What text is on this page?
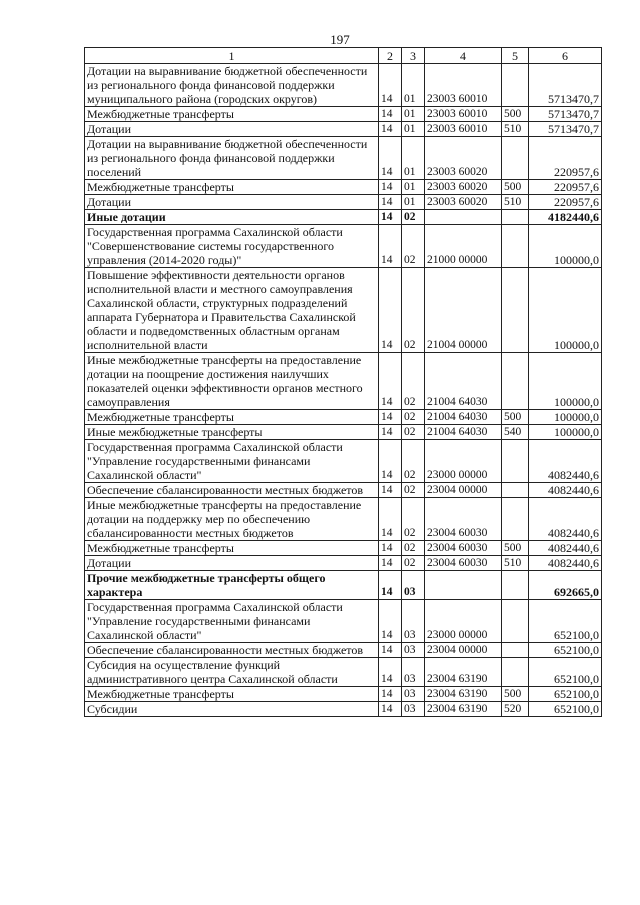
197
1	2	3	4	5	6
Дотации на выравнивание бюджетной обеспеченности из регионального фонда финансовой поддержки муниципального района (городских округов)	14	01	23003 60010		5713470,7
Межбюджетные трансферты	14	01	23003 60010	500	5713470,7
Дотации	14	01	23003 60010	510	5713470,7
Дотации на выравнивание бюджетной обеспеченности из регионального фонда финансовой поддержки поселений	14	01	23003 60020		220957,6
Межбюджетные трансферты	14	01	23003 60020	500	220957,6
Дотации	14	01	23003 60020	510	220957,6
Иные дотации	14	02			4182440,6
Государственная программа Сахалинской области "Совершенствование системы государственного управления (2014-2020 годы)"	14	02	21000 00000		100000,0
Повышение эффективности деятельности органов исполнительной власти и местного самоуправления Сахалинской области, структурных подразделений аппарата Губернатора и Правительства Сахалинской области и подведомственных областным органам исполнительной власти	14	02	21004 00000		100000,0
Иные межбюджетные трансферты на предоставление дотации на поощрение достижения наилучших показателей оценки эффективности органов местного самоуправления	14	02	21004 64030		100000,0
Межбюджетные трансферты	14	02	21004 64030	500	100000,0
Иные межбюджетные трансферты	14	02	21004 64030	540	100000,0
Государственная программа Сахалинской области "Управление государственными финансами Сахалинской области"	14	02	23000 00000		4082440,6
Обеспечение сбалансированности местных бюджетов	14	02	23004 00000		4082440,6
Иные межбюджетные трансферты на предоставление дотации на поддержку мер по обеспечению сбалансированности местных бюджетов	14	02	23004 60030		4082440,6
Межбюджетные трансферты	14	02	23004 60030	500	4082440,6
Дотации	14	02	23004 60030	510	4082440,6
Прочие межбюджетные трансферты общего характера	14	03			692665,0
Государственная программа Сахалинской области "Управление государственными финансами Сахалинской области"	14	03	23000 00000		652100,0
Обеспечение сбалансированности местных бюджетов	14	03	23004 00000		652100,0
Субсидия на осуществление функций административного центра Сахалинской области	14	03	23004 63190		652100,0
Межбюджетные трансферты	14	03	23004 63190	500	652100,0
Субсидии	14	03	23004 63190	520	652100,0
